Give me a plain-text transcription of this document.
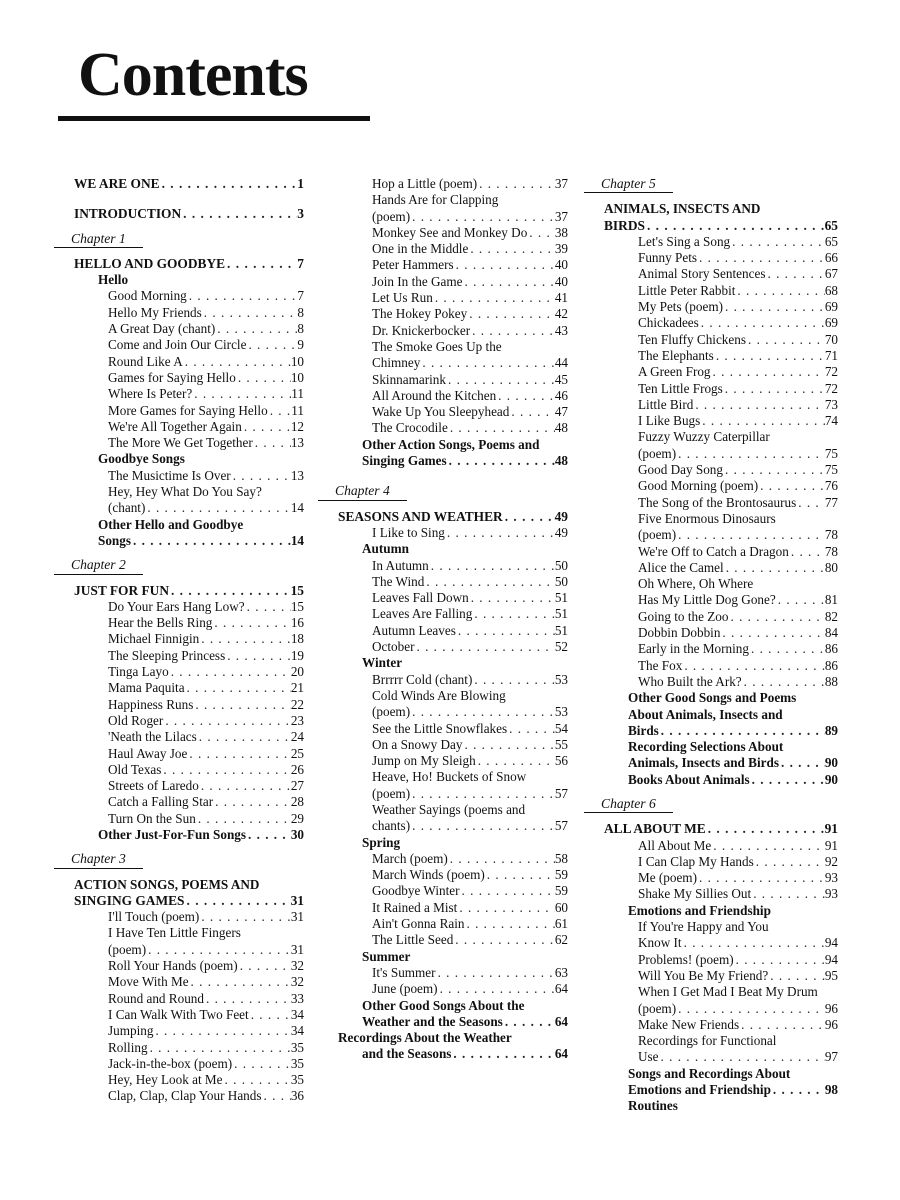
Contents
WE ARE ONE . . .	1
INTRODUCTION . . .	3
Chapter 1
HELLO AND GOODBYE . . .	7
Hello
Good Morning . . .	7
Hello My Friends . . .	8
A Great Day (chant) . . .	8
Come and Join Our Circle . . .	9
Round Like A . . .	10
Games for Saying Hello . . .	10
Where Is Peter? . . .	11
More Games for Saying Hello . . . 11
We're All Together Again . . .	12
The More We Get Together . . .	13
Goodbye Songs
The Musictime Is Over . . .	13
Hey, Hey What Do You Say?
(chant) . . .	14
Other Hello and Goodbye
Songs . . .	14
Chapter 2
JUST FOR FUN . . .	15
Do Your Ears Hang Low? . . .	15
Hear the Bells Ring . . .	16
Michael Finnigin . . .	18
The Sleeping Princess . . .	19
Tinga Layo . . .	20
Mama Paquita . . .	21
Happiness Runs . . .	22
Old Roger . . .	23
'Neath the Lilacs . . .	24
Haul Away Joe . . .	25
Old Texas . . .	26
Streets of Laredo . . .	27
Catch a Falling Star . . .	28
Turn On the Sun . . .	29
Other Just-For-Fun Songs . . .	30
Chapter 3
ACTION SONGS, POEMS AND
SINGING GAMES . . .	31
I'll Touch (poem) . . .	31
I Have Ten Little Fingers
(poem) . . .	31
Roll Your Hands (poem) . . .	32
Move With Me . . .	32
Round and Round . . .	33
I Can Walk With Two Feet . . .	34
Jumping . . .	34
Rolling . . .	35
Jack-in-the-box (poem) . . .	35
Hey, Hey Look at Me . . .	35
Clap, Clap, Clap Your Hands . . . 36
Hop a Little (poem) . . .	37
Hands Are for Clapping
(poem) . . .	37
Monkey See and Monkey Do . . . 38
One in the Middle . . .	39
Peter Hammers . . .	40
Join In the Game . . .	40
Let Us Run . . .	41
The Hokey Pokey . . .	42
Dr. Knickerbocker . . .	43
The Smoke Goes Up the
Chimney . . .	44
Skinnamarink . . .	45
All Around the Kitchen . . .	46
Wake Up You Sleepyhead . . .	47
The Crocodile . . .	48
Other Action Songs, Poems and
Singing Games . . .	48
Chapter 4
SEASONS AND WEATHER . . .	49
I Like to Sing . . .	49
Autumn
In Autumn . . .	50
The Wind . . .	50
Leaves Fall Down . . .	51
Leaves Are Falling . . .	51
Autumn Leaves . . .	51
October . . .	52
Winter
Brrrrr Cold (chant) . . .	53
Cold Winds Are Blowing
(poem) . . .	53
See the Little Snowflakes . . .	54
On a Snowy Day . . .	55
Jump on My Sleigh . . .	56
Heave, Ho! Buckets of Snow
(poem) . . .	57
Weather Sayings (poems and
chants) . . .	57
Spring
March (poem) . . .	58
March Winds (poem) . . .	59
Goodbye Winter . . .	59
It Rained a Mist . . .	60
Ain't Gonna Rain . . .	61
The Little Seed . . .	62
Summer
It's Summer . . .	63
June (poem) . . .	64
Other Good Songs About the
Weather and the Seasons . . .	64
Recordings About the Weather
and the Seasons . . .	64
Chapter 5
ANIMALS, INSECTS AND
BIRDS . . .	65
Let's Sing a Song . . .	65
Funny Pets . . .	66
Animal Story Sentences . . .	67
Little Peter Rabbit . . .	68
My Pets (poem) . . .	69
Chickadees . . .	69
Ten Fluffy Chickens . . .	70
The Elephants . . .	71
A Green Frog . . .	72
Ten Little Frogs . . .	72
Little Bird . . .	73
I Like Bugs . . .	74
Fuzzy Wuzzy Caterpillar
(poem) . . .	75
Good Day Song . . .	75
Good Morning (poem) . . .	76
The Song of the Brontosaurus . . . 77
Five Enormous Dinosaurs
(poem) . . .	78
We're Off to Catch a Dragon . . .	78
Alice the Camel . . .	80
Oh Where, Oh Where
Has My Little Dog Gone? . . .	81
Going to the Zoo . . .	82
Dobbin Dobbin . . .	84
Early in the Morning . . .	86
The Fox . . .	86
Who Built the Ark? . . .	88
Other Good Songs and Poems
About Animals, Insects and
Birds . . .	89
Recording Selections About
Animals, Insects and Birds . . .	90
Books About Animals . . .	90
Chapter 6
ALL ABOUT ME . . .	91
All About Me . . .	91
I Can Clap My Hands . . .	92
Me (poem) . . .	93
Shake My Sillies Out . . .	93
Emotions and Friendship
If You're Happy and You
Know It . . .	94
Problems! (poem) . . .	94
Will You Be My Friend? . . .	95
When I Get Mad I Beat My Drum
(poem) . . .	96
Make New Friends . . .	96
Recordings for Functional
Use . . .	97
Songs and Recordings About
Emotions and Friendship . . .	98
Routines
